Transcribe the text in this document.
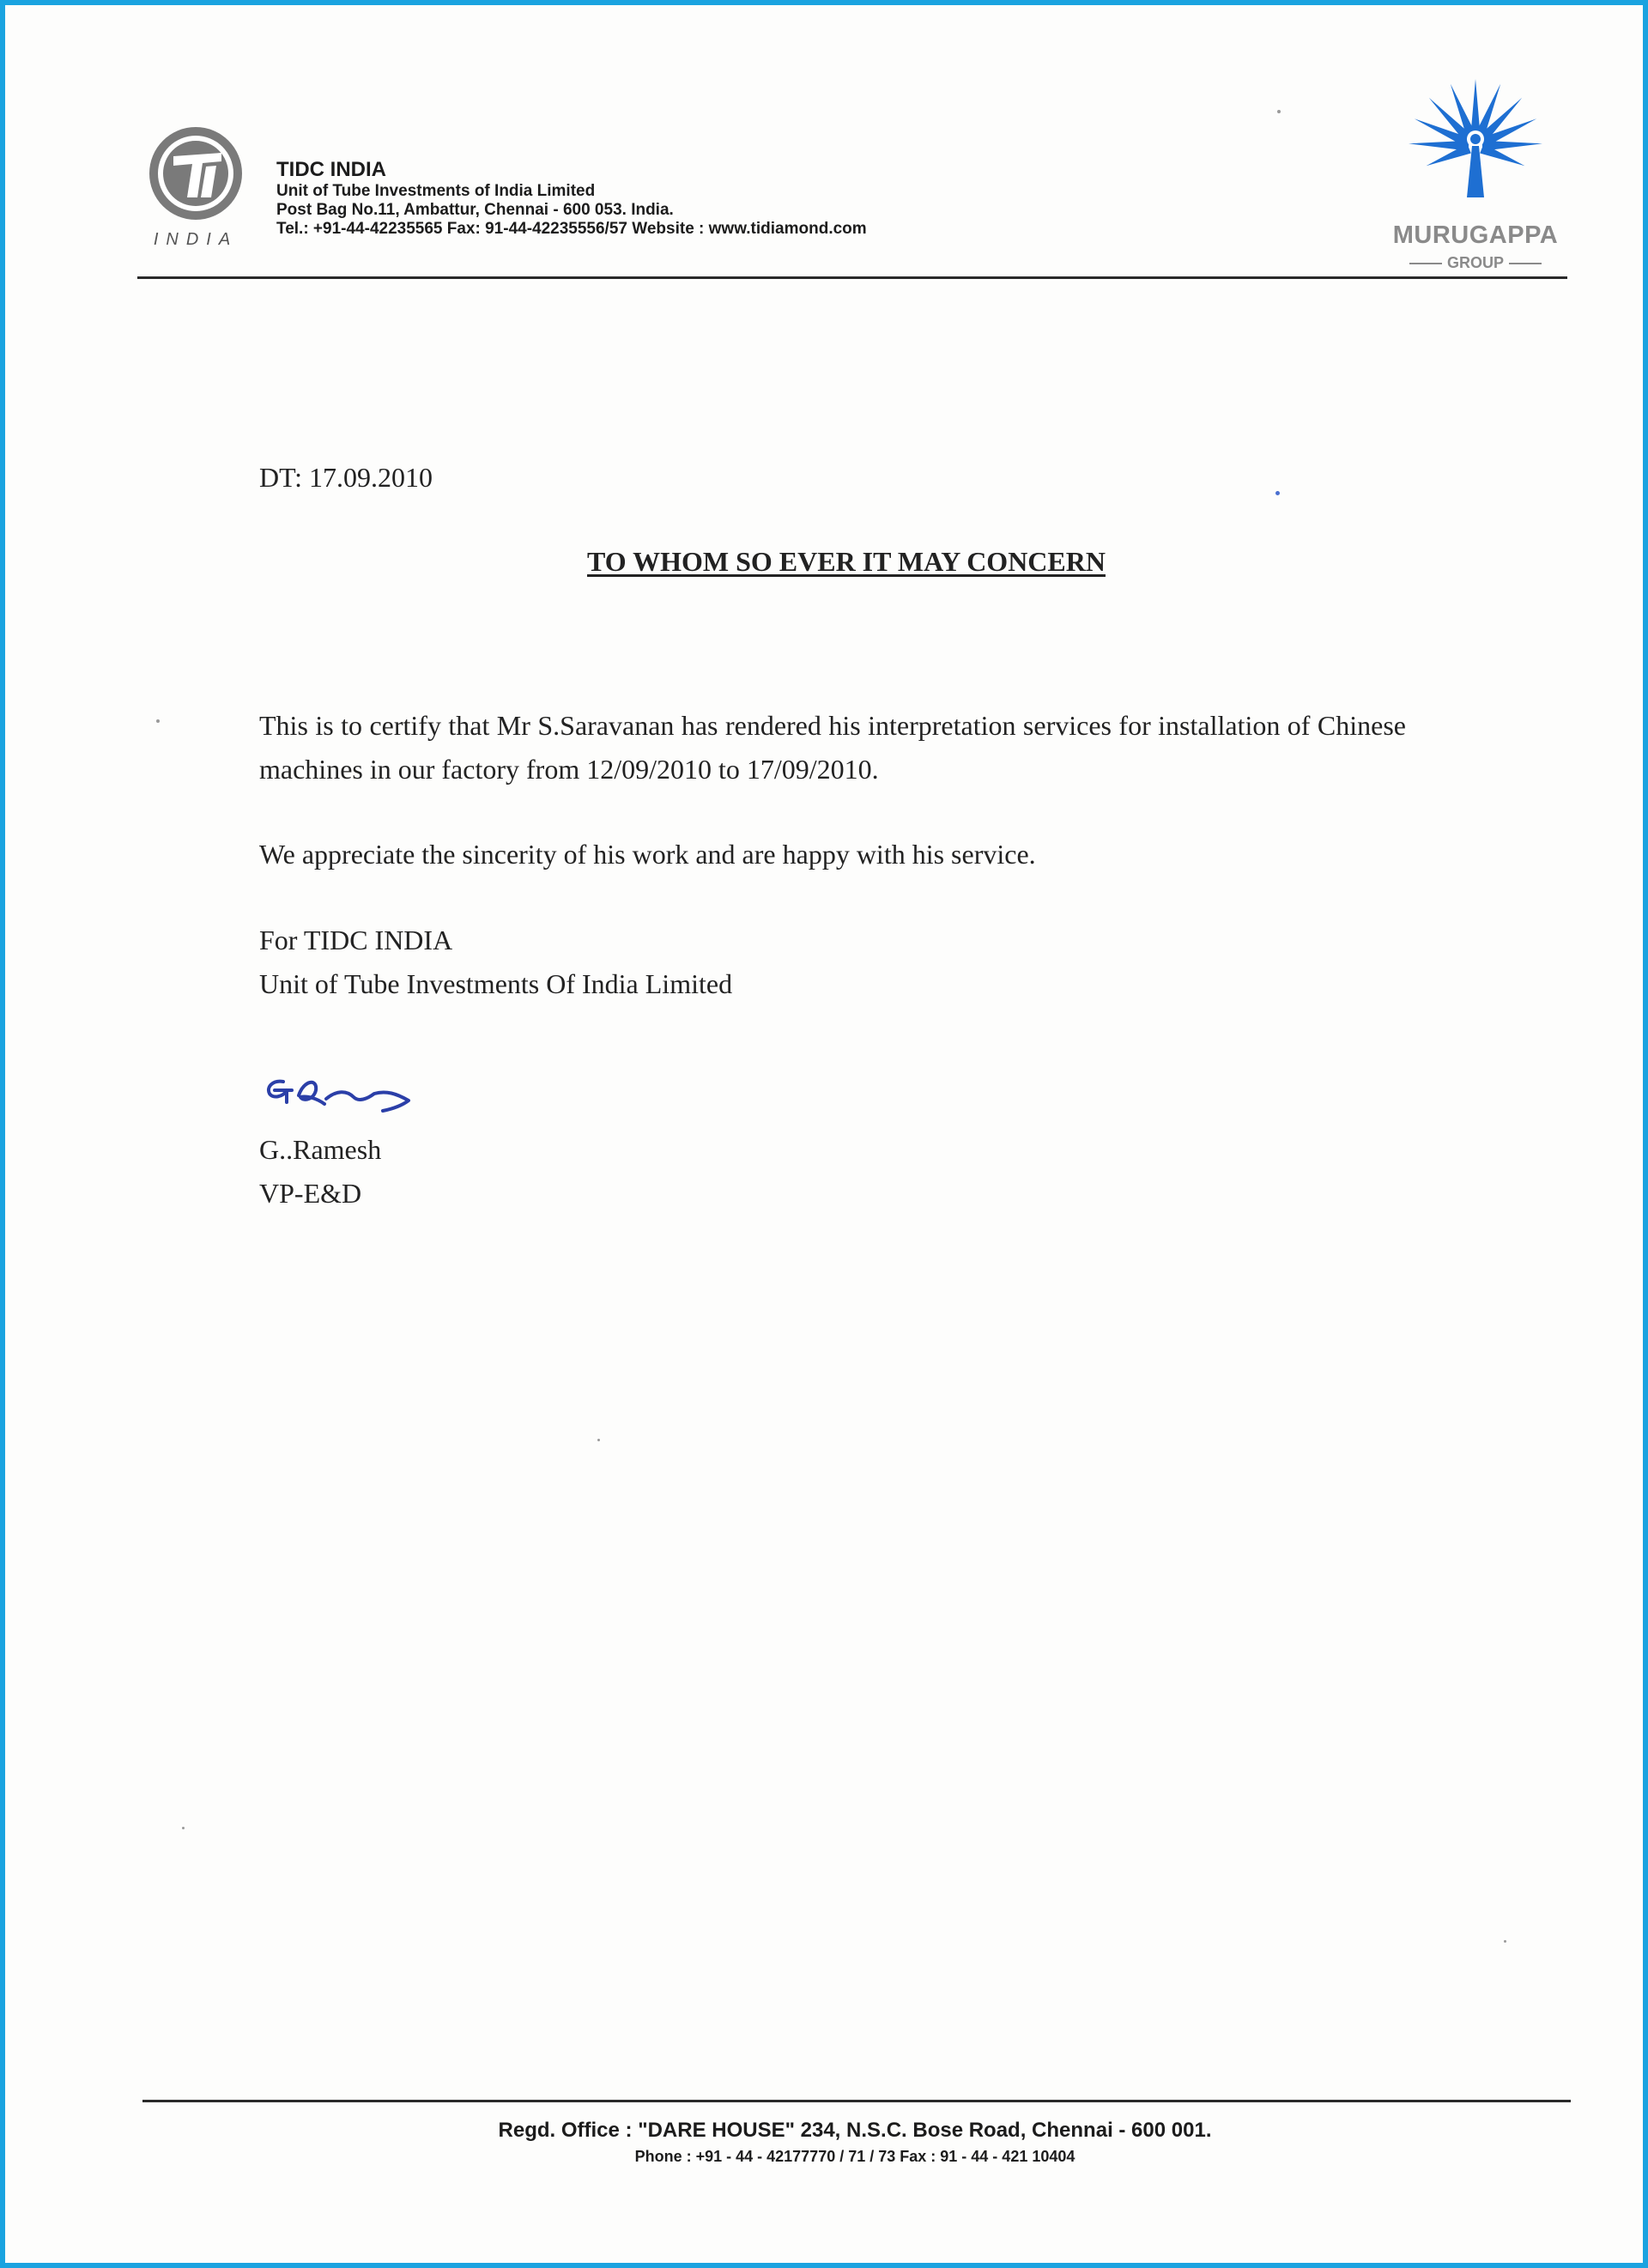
INDIA
TIDC INDIA
Unit of Tube Investments of India Limited
Post Bag No.11, Ambattur, Chennai - 600 053. India.
Tel.: +91-44-42235565 Fax: 91-44-42235556/57 Website : www.tidiamond.com	MURUGAPPA
GROUP
DT: 17.09.2010
TO WHOM SO EVER IT MAY CONCERN
This is to certify that Mr S.Saravanan has rendered his interpretation services for installation of Chinese machines in our factory from 12/09/2010 to 17/09/2010.
We appreciate the sincerity of his work and are happy with his service.
For TIDC INDIA
Unit of Tube Investments Of India Limited
G..Ramesh
VP-E&D
Regd. Office : "DARE HOUSE" 234, N.S.C. Bose Road, Chennai - 600 001.
Phone : +91 - 44 - 42177770 / 71 / 73 Fax : 91 - 44 - 421 10404
